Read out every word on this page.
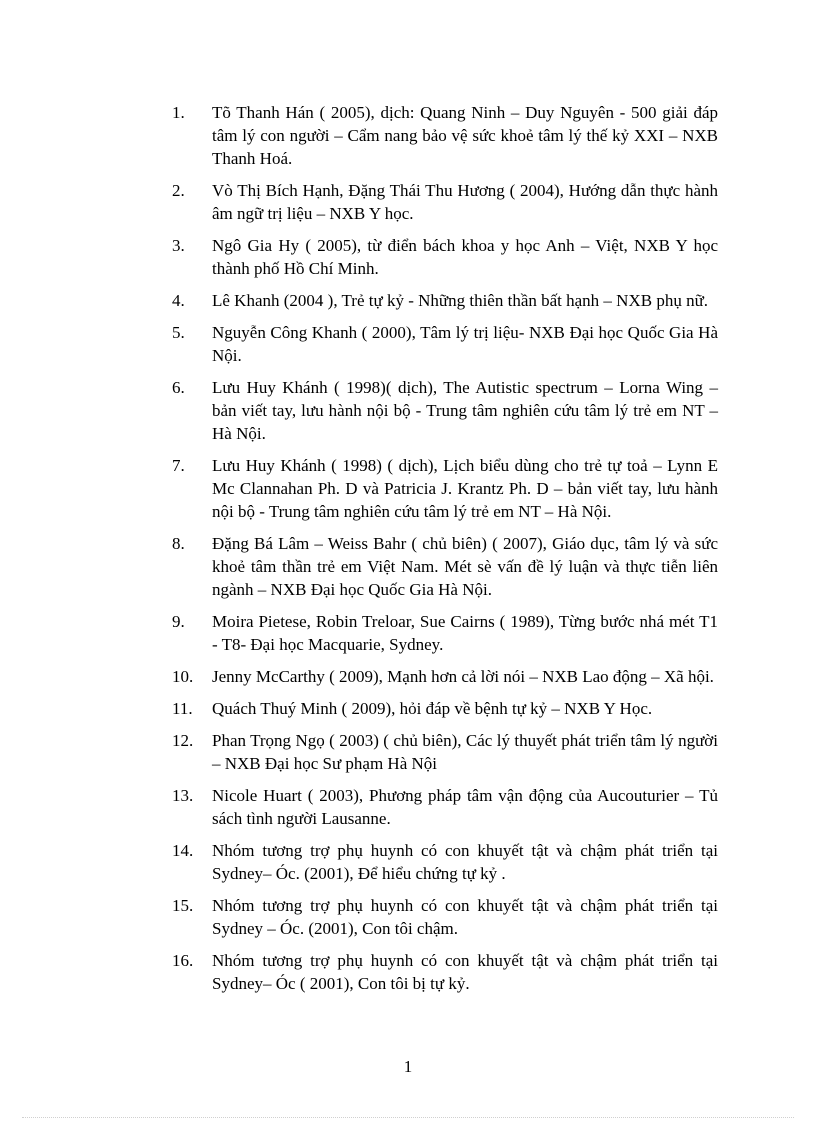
1.	Tõ Thanh Hán ( 2005), dịch: Quang Ninh – Duy Nguyên - 500 giải đáp tâm lý con người – Cẩm nang bảo vệ sức khoẻ tâm lý thế kỷ XXI – NXB Thanh Hoá.
2.	Vò Thị Bích Hạnh, Đặng Thái Thu Hương ( 2004), Hướng dẫn thực hành âm ngữ trị liệu – NXB Y học.
3.	Ngô Gia Hy ( 2005), từ điển bách khoa y học Anh – Việt, NXB Y học thành phố Hồ Chí Minh.
4.	Lê Khanh (2004 ), Trẻ tự kỷ - Những thiên thần bất hạnh – NXB phụ nữ.
5.	Nguyễn Công Khanh ( 2000), Tâm lý trị liệu- NXB Đại học Quốc Gia Hà Nội.
6.	Lưu Huy Khánh ( 1998)( dịch), The Autistic spectrum – Lorna Wing – bản viết tay, lưu hành nội bộ - Trung tâm nghiên cứu tâm lý trẻ em NT – Hà Nội.
7.	Lưu Huy Khánh ( 1998) ( dịch), Lịch biểu dùng cho trẻ tự toả – Lynn E Mc Clannahan Ph. D và Patricia J. Krantz Ph. D – bản viết tay, lưu hành nội bộ - Trung tâm nghiên cứu tâm lý trẻ em NT – Hà Nội.
8.	Đặng Bá Lâm – Weiss Bahr ( chủ biên) ( 2007), Giáo dục, tâm lý và sức khoẻ tâm thần trẻ em Việt Nam. Mét sè vấn đề lý luận và thực tiễn liên ngành – NXB Đại học Quốc Gia Hà Nội.
9.	Moira Pietese, Robin Treloar, Sue Cairns ( 1989), Từng bước nhá mét T1 - T8- Đại học Macquarie, Sydney.
10.	Jenny McCarthy ( 2009), Mạnh hơn cả lời nói – NXB Lao động – Xã hội.
11.	Quách Thuý Minh ( 2009), hỏi đáp về bệnh tự kỷ – NXB Y Học.
12.	Phan Trọng Ngọ ( 2003) ( chủ biên), Các lý thuyết phát triển tâm lý người – NXB Đại học Sư phạm Hà Nội
13.	Nicole Huart ( 2003), Phương pháp tâm vận động của Aucouturier – Tủ sách tình người Lausanne.
14.	Nhóm tương trợ phụ huynh có con khuyết tật và chậm phát triển tại Sydney– Óc. (2001), Để hiểu chứng tự kỷ .
15.	Nhóm tương trợ phụ huynh có con khuyết tật và chậm phát triển tại Sydney – Óc. (2001), Con tôi chậm.
16.	Nhóm tương trợ phụ huynh có con khuyết tật và chậm phát triển tại Sydney– Óc ( 2001), Con tôi bị tự kỷ.
1
